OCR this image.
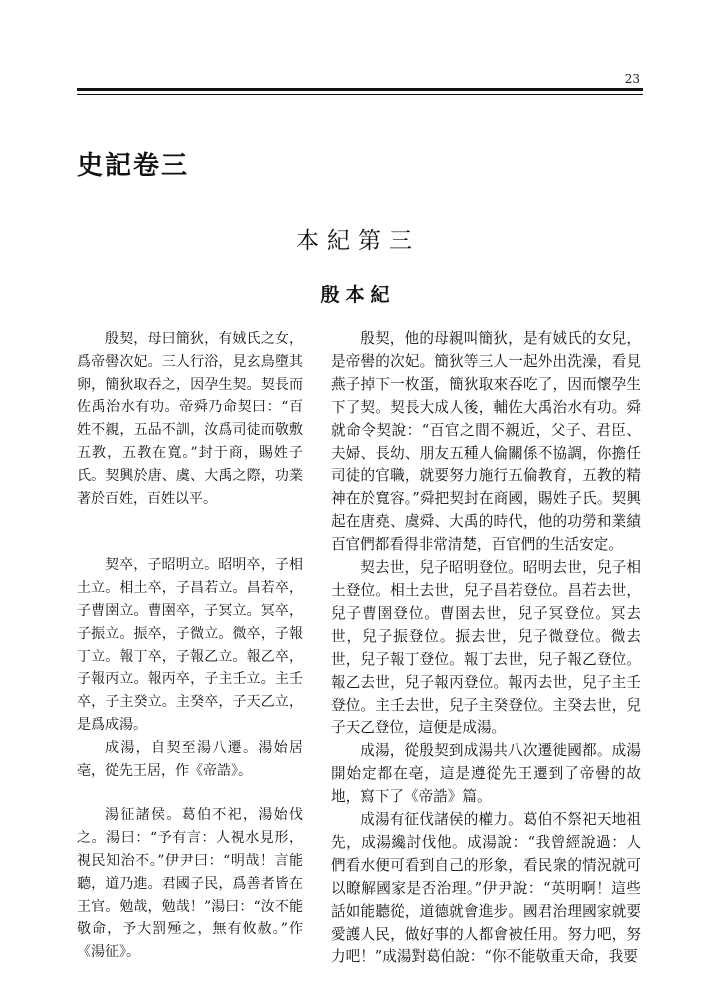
23
史記卷三
本紀第三
殷本紀

殷契，母曰簡狄，有娀氏之女，爲帝嚳次妃。三人行浴，見玄鳥墮其卵，簡狄取吞之，因孕生契。契長而佐禹治水有功。帝舜乃命契曰：“百姓不親，五品不訓，汝爲司徒而敬敷五教，五教在寬。”封于商，賜姓子氏。契興於唐、虞、大禹之際，功業著於百姓，百姓以平。

契卒，子昭明立。昭明卒，子相土立。相土卒，子昌若立。昌若卒，子曹圉立。曹圉卒，子冥立。冥卒，子振立。振卒，子微立。微卒，子報丁立。報丁卒，子報乙立。報乙卒，子報丙立。報丙卒，子主壬立。主壬卒，子主癸立。主癸卒，子天乙立，是爲成湯。

成湯，自契至湯八遷。湯始居亳，從先王居，作《帝誥》。

湯征諸侯。葛伯不祀，湯始伐之。湯曰：“予有言：人視水見形，視民知治不。”伊尹曰：“明哉！言能聽，道乃進。君國子民，爲善者皆在王官。勉哉，勉哉！”湯曰：“汝不能敬命，予大罰殛之，無有攸赦。”作《湯征》。

殷契，他的母親叫簡狄，是有娀氏的女兒，是帝嚳的次妃。簡狄等三人一起外出洗澡，看見燕子掉下一枚蛋，簡狄取來吞吃了，因而懷孕生下了契。契長大成人後，輔佐大禹治水有功。舜就命令契說：“百官之間不親近，父子、君臣、夫婦、長幼、朋友五種人倫關係不協調，你擔任司徒的官職，就要努力施行五倫教育，五教的精神在於寬容。”舜把契封在商國，賜姓子氏。契興起在唐堯、虞舜、大禹的時代，他的功勞和業績百官們都看得非常清楚，百官們的生活安定。

契去世，兒子昭明登位。昭明去世，兒子相土登位。相土去世，兒子昌若登位。昌若去世，兒子曹圉登位。曹圉去世，兒子冥登位。冥去世，兒子振登位。振去世，兒子微登位。微去世，兒子報丁登位。報丁去世，兒子報乙登位。報乙去世，兒子報丙登位。報丙去世，兒子主壬登位。主壬去世，兒子主癸登位。主癸去世，兒子天乙登位，這便是成湯。

成湯，從殷契到成湯共八次遷徙國都。成湯開始定都在亳，這是遵從先王遷到了帝嚳的故地，寫下了《帝誥》篇。

成湯有征伐諸侯的權力。葛伯不祭祀天地祖先，成湯纔討伐他。成湯說：“我曾經說過：人們看水便可看到自己的形象，看民衆的情況就可以瞭解國家是否治理。”伊尹說：“英明啊！這些話如能聽從，道德就會進步。國君治理國家就要愛護人民，做好事的人都會被任用。努力吧，努力吧！”成湯對葛伯說：“你不能敬重天命，我要
